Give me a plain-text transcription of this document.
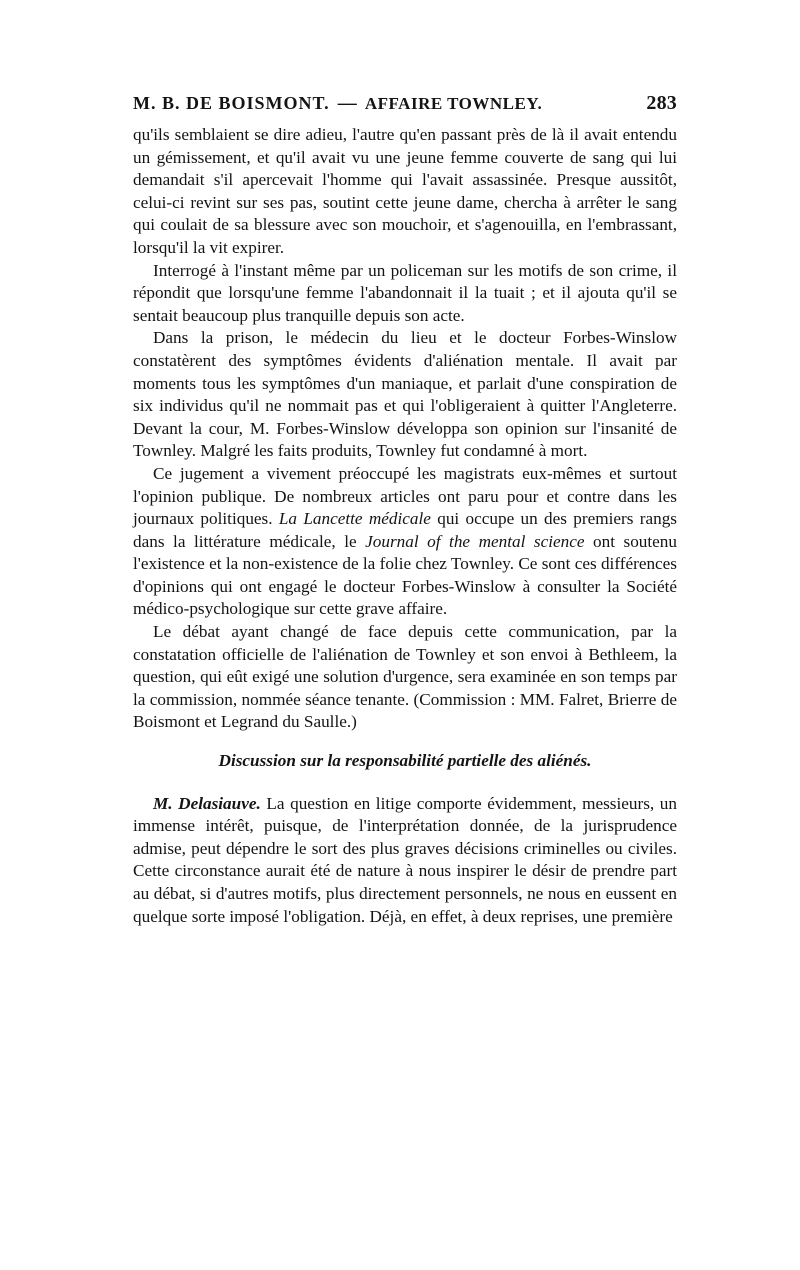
M. B. DE BOISMONT. — AFFAIRE TOWNLEY.	283

qu'ils semblaient se dire adieu, l'autre qu'en passant près de là il avait entendu un gémissement, et qu'il avait vu une jeune femme couverte de sang qui lui demandait s'il apercevait l'homme qui l'avait assassinée. Presque aussitôt, celui-ci revint sur ses pas, soutint cette jeune dame, chercha à arrêter le sang qui coulait de sa blessure avec son mouchoir, et s'agenouilla, en l'embrassant, lorsqu'il la vit expirer.

Interrogé à l'instant même par un policeman sur les motifs de son crime, il répondit que lorsqu'une femme l'abandonnait il la tuait ; et il ajouta qu'il se sentait beaucoup plus tranquille depuis son acte.

Dans la prison, le médecin du lieu et le docteur Forbes-Winslow constatèrent des symptômes évidents d'aliénation mentale. Il avait par moments tous les symptômes d'un maniaque, et parlait d'une conspiration de six individus qu'il ne nommait pas et qui l'obligeraient à quitter l'Angleterre. Devant la cour, M. Forbes-Winslow développa son opinion sur l'insanité de Townley. Malgré les faits produits, Townley fut condamné à mort.

Ce jugement a vivement préoccupé les magistrats eux-mêmes et surtout l'opinion publique. De nombreux articles ont paru pour et contre dans les journaux politiques. La Lancette médicale qui occupe un des premiers rangs dans la littérature médicale, le Journal of the mental science ont soutenu l'existence et la non-existence de la folie chez Townley. Ce sont ces différences d'opinions qui ont engagé le docteur Forbes-Winslow à consulter la Société médico-psychologique sur cette grave affaire.

Le débat ayant changé de face depuis cette communication, par la constatation officielle de l'aliénation de Townley et son envoi à Bethleem, la question, qui eût exigé une solution d'urgence, sera examinée en son temps par la commission, nommée séance tenante. (Commission : MM. Falret, Brierre de Boismont et Legrand du Saulle.)

Discussion sur la responsabilité partielle des aliénés.

M. Delasiauve. La question en litige comporte évidemment, messieurs, un immense intérêt, puisque, de l'interprétation donnée, de la jurisprudence admise, peut dépendre le sort des plus graves décisions criminelles ou civiles. Cette circonstance aurait été de nature à nous inspirer le désir de prendre part au débat, si d'autres motifs, plus directement personnels, ne nous en eussent en quelque sorte imposé l'obligation. Déjà, en effet, à deux reprises, une première
